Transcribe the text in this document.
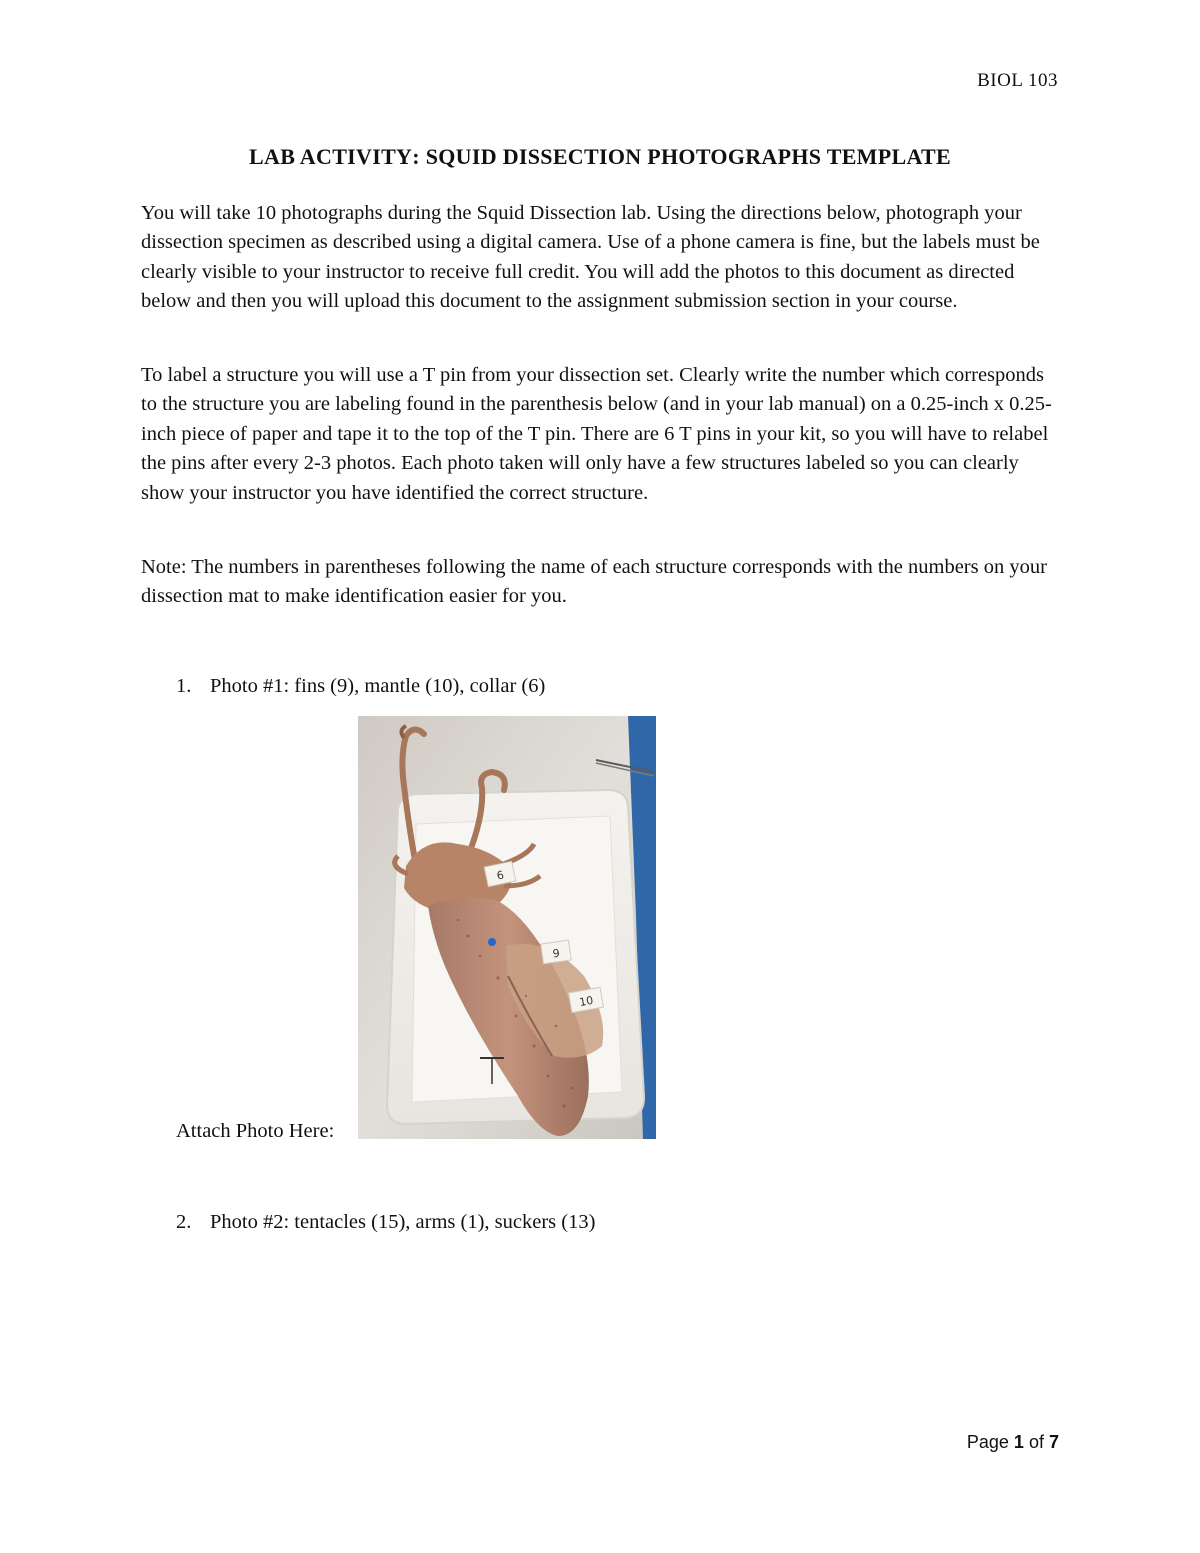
BIOL 103
LAB ACTIVITY: SQUID DISSECTION PHOTOGRAPHS TEMPLATE

You will take 10 photographs during the Squid Dissection lab. Using the directions below, photograph your dissection specimen as described using a digital camera. Use of a phone camera is fine, but the labels must be clearly visible to your instructor to receive full credit. You will add the photos to this document as directed below and then you will upload this document to the assignment submission section in your course.

To label a structure you will use a T pin from your dissection set. Clearly write the number which corresponds to the structure you are labeling found in the parenthesis below (and in your lab manual) on a 0.25-inch x 0.25-inch piece of paper and tape it to the top of the T pin. There are 6 T pins in your kit, so you will have to relabel the pins after every 2-3 photos. Each photo taken will only have a few structures labeled so you can clearly show your instructor you have identified the correct structure.

Note: The numbers in parentheses following the name of each structure corresponds with the numbers on your dissection mat to make identification easier for you.

1. Photo #1: fins (9), mantle (10), collar (6)
Attach Photo Here:
6
9
10
2. Photo #2: tentacles (15), arms (1), suckers (13)
Page 1 of 7
